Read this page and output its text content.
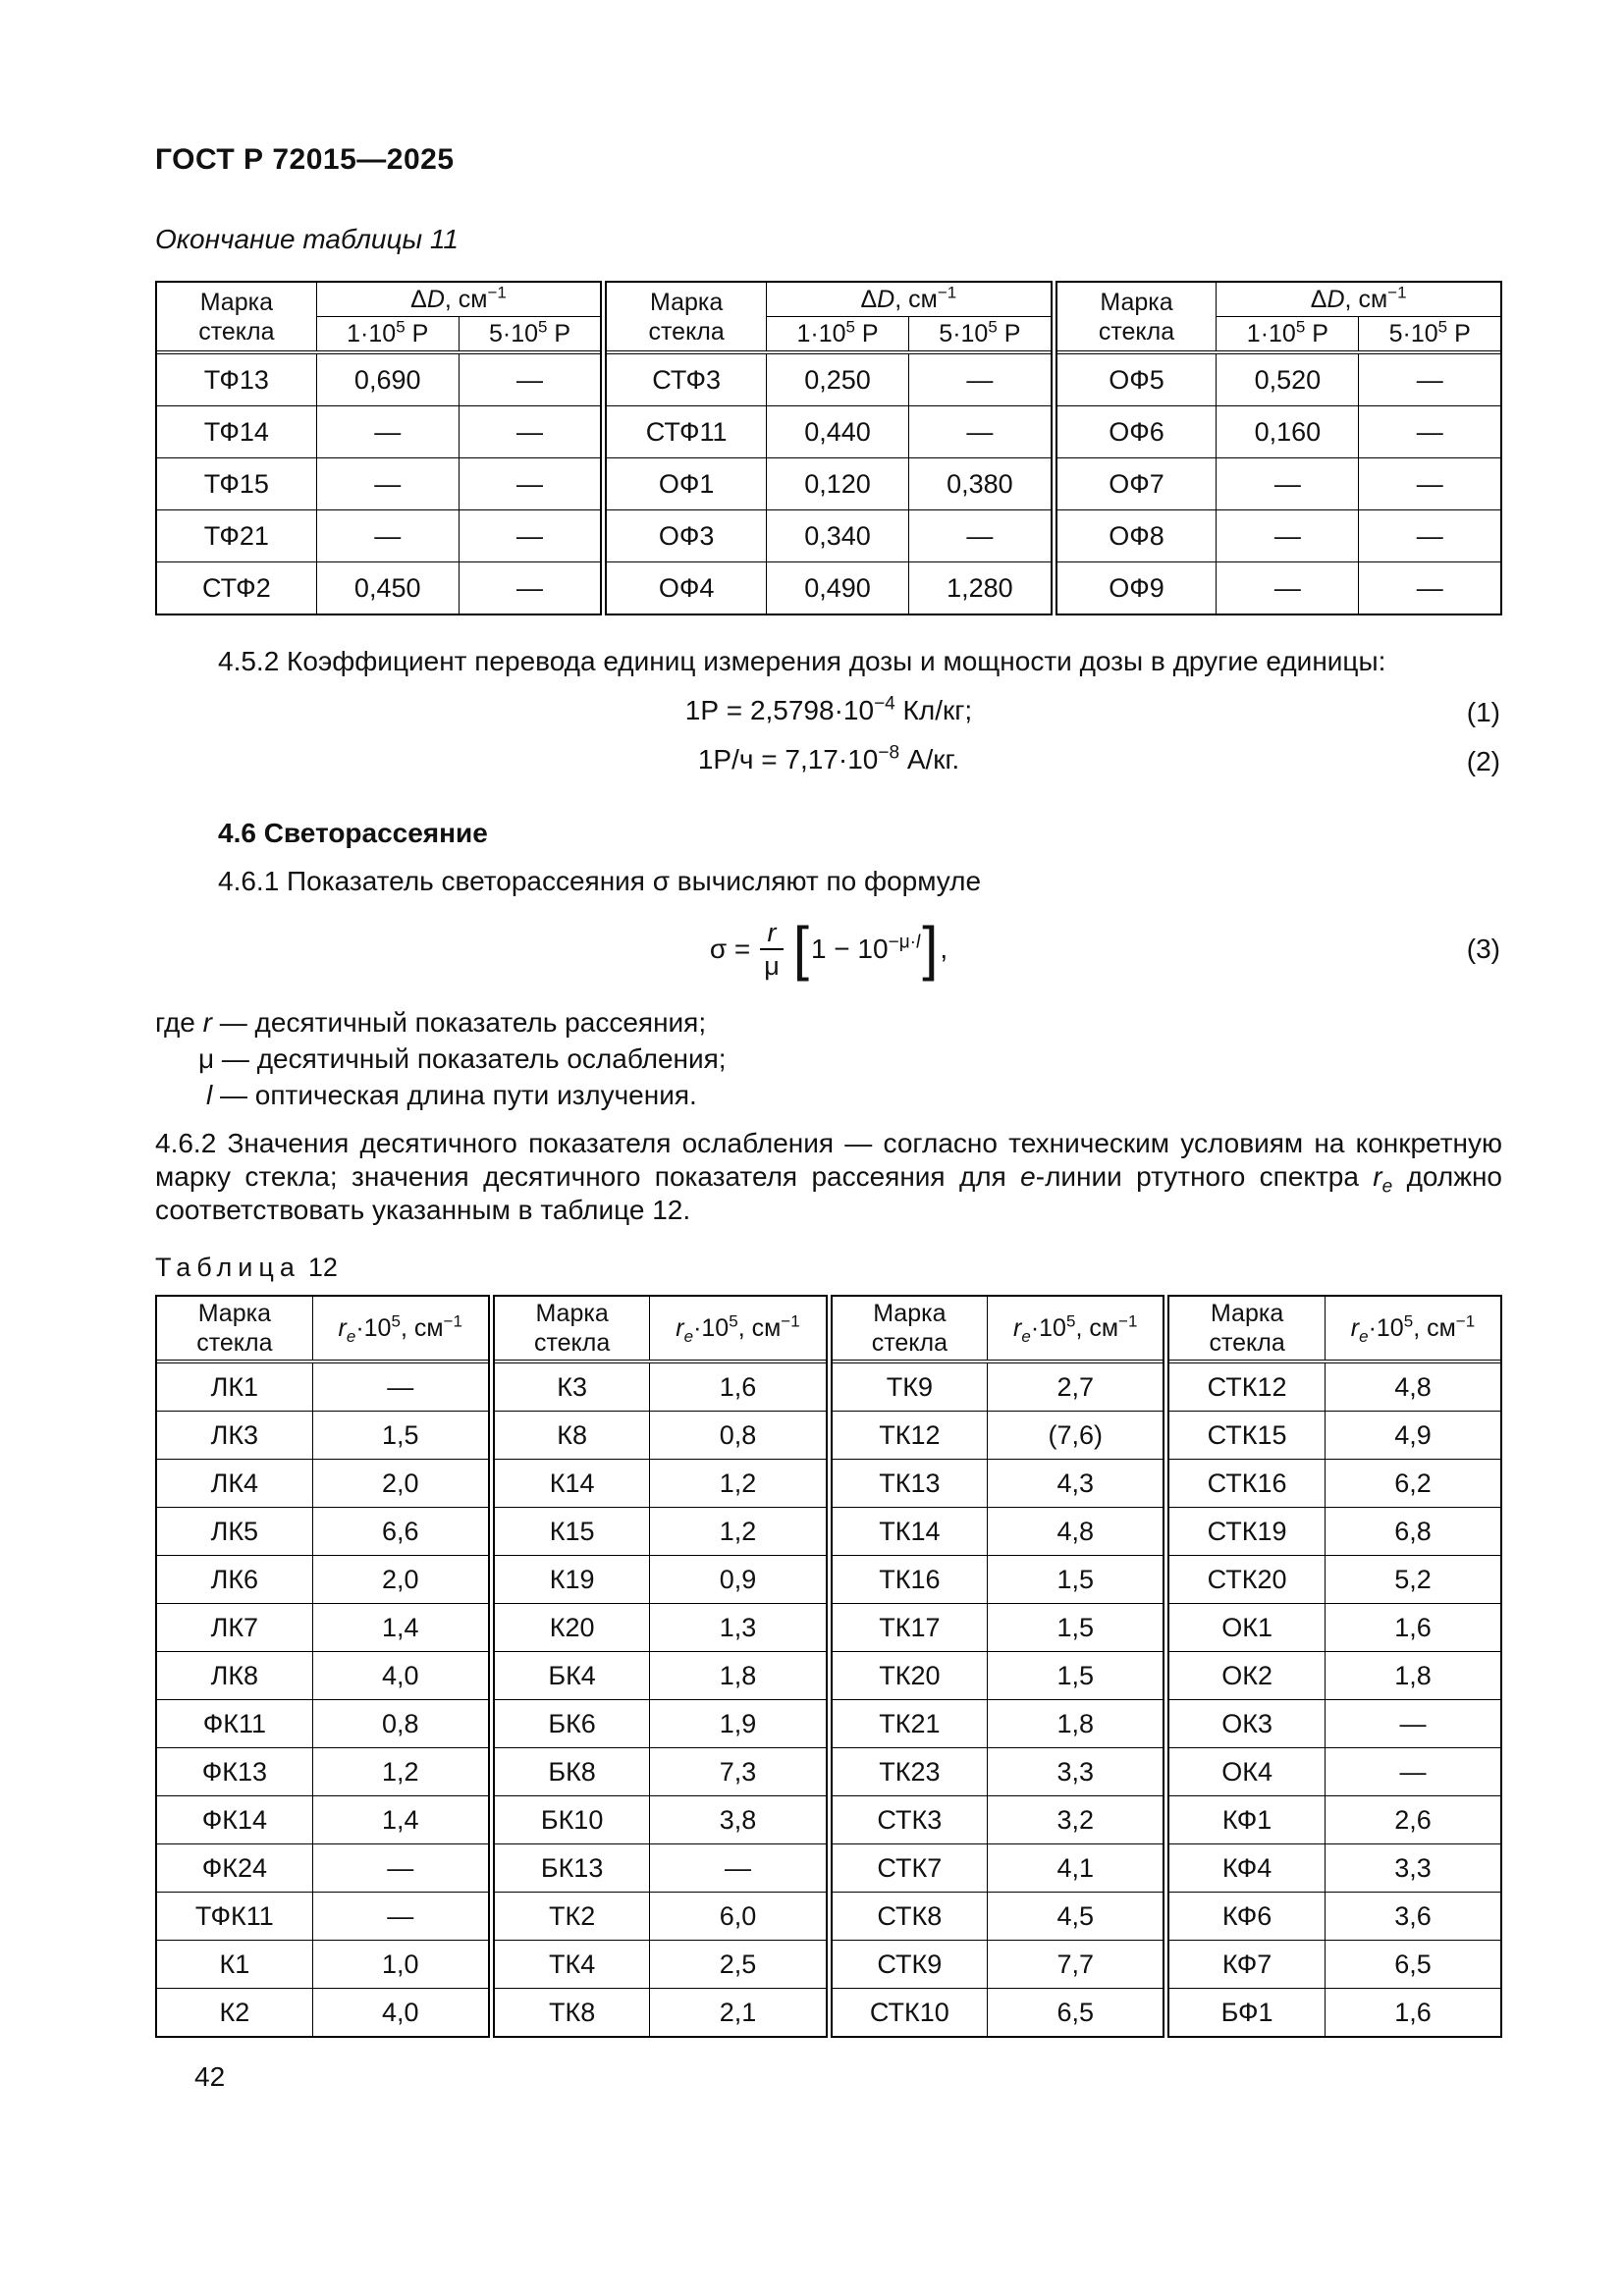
ГОСТ Р 72015—2025
Окончание таблицы 11
Марка стекла	ΔD, $см^{-1}$
	$1\cdot 10^5$ Р	$5\cdot 10^5$ Р

ТФ13	0,690	—
ТФ14	—	—
ТФ15	—	—
ТФ21	—	—
СТФ2	0,450	—
Марка стекла	ΔD, $см^{-1}$
	$1\cdot 10^5$ Р	$5\cdot 10^5$ Р

СТФ3	0,250	—
СТФ11	0,440	—
ОФ1	0,120	0,380
ОФ3	0,340	—
ОФ4	0,490	1,280
Марка стекла	ΔD, $см^{-1}$
	$1\cdot 10^5$ Р	$5\cdot 10^5$ Р

ОФ5	0,520	—
ОФ6	0,160	—
ОФ7	—	—
ОФ8	—	—
ОФ9	—	—

4.5.2 Коэффициент перевода единиц измерения дозы и мощности дозы в другие единицы:

$1Р = 2,5798\cdot 10^{-4}$ Кл/кг;	(1)
$1Р/ч = 7,17\cdot 10^{-8}$ А/кг.	(2)
4.6 Светорассеяние

4.6.1 Показатель светорассеяния σ вычисляют по формуле

$\sigma = \frac{r}{\mu}$ [ $1 - 10^{-\mu\cdot l}$ ] ,	(3)
где r — десятичный показатель рассеяния;
μ — десятичный показатель ослабления;
l — оптическая длина пути излучения.

4.6.2 Значения десятичного показателя ослабления — согласно техническим условиям на конкретную марку стекла; значения десятичного показателя рассеяния для е-линии ртутного спектра $r_е$ должно соответствовать указанным в таблице 12.

Таблица 12
Марка стекла	$r_е\cdot 10^5$, $см^{-1}$

ЛК1	—
ЛК3	1,5
ЛК4	2,0
ЛК5	6,6
ЛК6	2,0
ЛК7	1,4
ЛК8	4,0
ФК11	0,8
ФК13	1,2
ФК14	1,4
ФК24	—
ТФК11	—
К1	1,0
К2	4,0
Марка стекла	$r_е\cdot 10^5$, $см^{-1}$

К3	1,6
К8	0,8
К14	1,2
К15	1,2
К19	0,9
К20	1,3
БК4	1,8
БК6	1,9
БК8	7,3
БК10	3,8
БК13	—
ТК2	6,0
ТК4	2,5
ТК8	2,1
Марка стекла	$r_е\cdot 10^5$, $см^{-1}$

ТК9	2,7
ТК12	(7,6)
ТК13	4,3
ТК14	4,8
ТК16	1,5
ТК17	1,5
ТК20	1,5
ТК21	1,8
ТК23	3,3
СТК3	3,2
СТК7	4,1
СТК8	4,5
СТК9	7,7
СТК10	6,5
Марка стекла	$r_е\cdot 10^5$, $см^{-1}$

СТК12	4,8
СТК15	4,9
СТК16	6,2
СТК19	6,8
СТК20	5,2
ОК1	1,6
ОК2	1,8
ОК3	—
ОК4	—
КФ1	2,6
КФ4	3,3
КФ6	3,6
КФ7	6,5
БФ1	1,6
42
